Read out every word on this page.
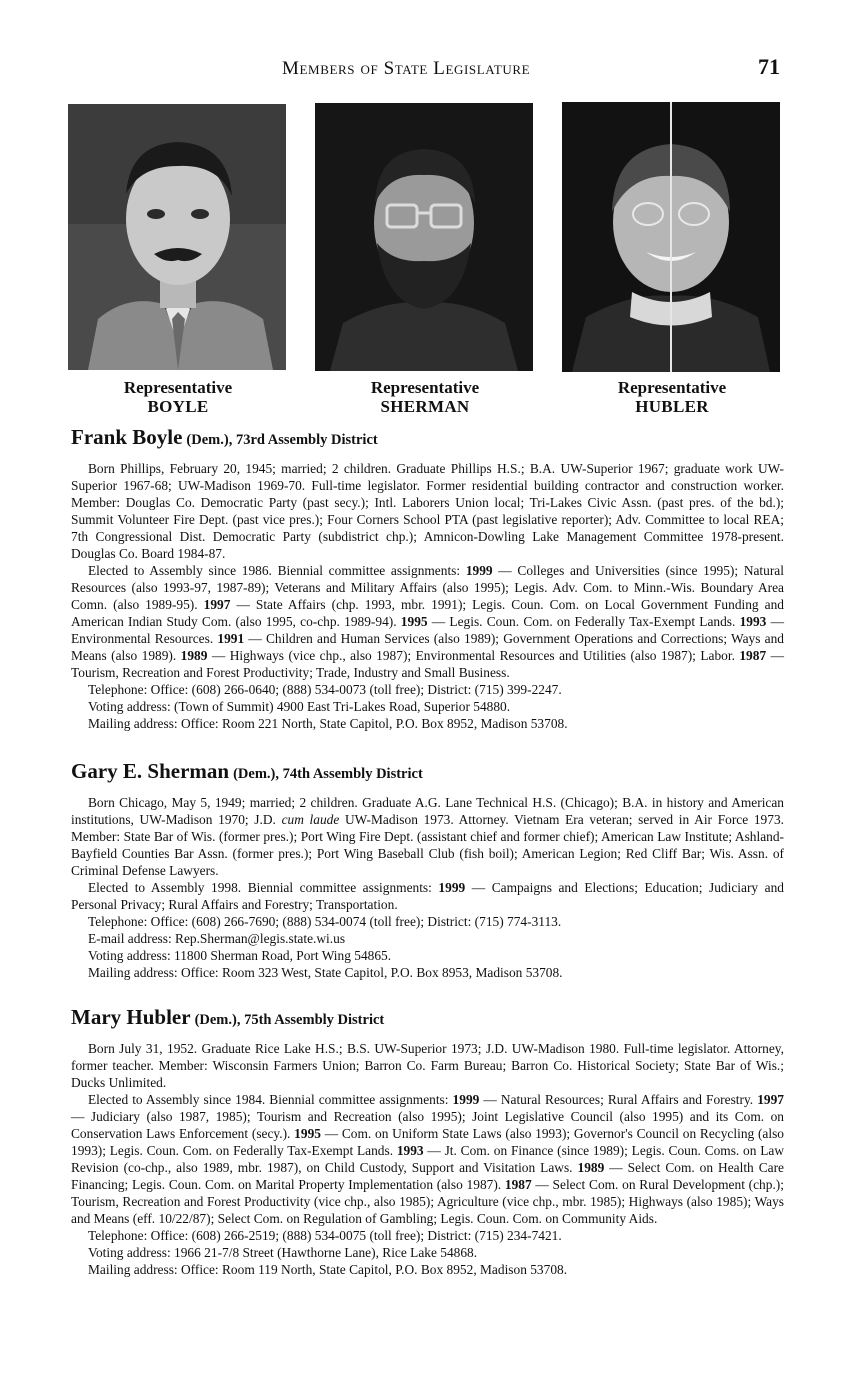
Members of State Legislature	71
Representative
BOYLE
Representative
SHERMAN
Representative
HUBLER
Frank Boyle (Dem.), 73rd Assembly District

Born Phillips, February 20, 1945; married; 2 children. Graduate Phillips H.S.; B.A. UW-Superior 1967; graduate work UW-Superior 1967-68; UW-Madison 1969-70. Full-time legislator. Former residential building contractor and construction worker. Member: Douglas Co. Democratic Party (past secy.); Intl. Laborers Union local; Tri-Lakes Civic Assn. (past pres. of the bd.); Summit Volunteer Fire Dept. (past vice pres.); Four Corners School PTA (past legislative reporter); Adv. Committee to local REA; 7th Congressional Dist. Democratic Party (subdistrict chp.); Amnicon-Dowling Lake Management Committee 1978-present. Douglas Co. Board 1984-87.

Elected to Assembly since 1986. Biennial committee assignments: 1999 — Colleges and Universities (since 1995); Natural Resources (also 1993-97, 1987-89); Veterans and Military Affairs (also 1995); Legis. Adv. Com. to Minn.-Wis. Boundary Area Comn. (also 1989-95). 1997 — State Affairs (chp. 1993, mbr. 1991); Legis. Coun. Com. on Local Government Funding and American Indian Study Com. (also 1995, co-chp. 1989-94). 1995 — Legis. Coun. Com. on Federally Tax-Exempt Lands. 1993 — Environmental Resources. 1991 — Children and Human Services (also 1989); Government Operations and Corrections; Ways and Means (also 1989). 1989 — Highways (vice chp., also 1987); Environmental Resources and Utilities (also 1987); Labor. 1987 — Tourism, Recreation and Forest Productivity; Trade, Industry and Small Business.

Telephone: Office: (608) 266-0640; (888) 534-0073 (toll free); District: (715) 399-2247.

Voting address: (Town of Summit) 4900 East Tri-Lakes Road, Superior 54880.

Mailing address: Office: Room 221 North, State Capitol, P.O. Box 8952, Madison 53708.

Gary E. Sherman (Dem.), 74th Assembly District

Born Chicago, May 5, 1949; married; 2 children. Graduate A.G. Lane Technical H.S. (Chicago); B.A. in history and American institutions, UW-Madison 1970; J.D. cum laude UW-Madison 1973. Attorney. Vietnam Era veteran; served in Air Force 1973. Member: State Bar of Wis. (former pres.); Port Wing Fire Dept. (assistant chief and former chief); American Law Institute; Ashland-Bayfield Counties Bar Assn. (former pres.); Port Wing Baseball Club (fish boil); American Legion; Red Cliff Bar; Wis. Assn. of Criminal Defense Lawyers.

Elected to Assembly 1998. Biennial committee assignments: 1999 — Campaigns and Elections; Education; Judiciary and Personal Privacy; Rural Affairs and Forestry; Transportation.

Telephone: Office: (608) 266-7690; (888) 534-0074 (toll free); District: (715) 774-3113.

E-mail address: Rep.Sherman@legis.state.wi.us

Voting address: 11800 Sherman Road, Port Wing 54865.

Mailing address: Office: Room 323 West, State Capitol, P.O. Box 8953, Madison 53708.

Mary Hubler (Dem.), 75th Assembly District

Born July 31, 1952. Graduate Rice Lake H.S.; B.S. UW-Superior 1973; J.D. UW-Madison 1980. Full-time legislator. Attorney, former teacher. Member: Wisconsin Farmers Union; Barron Co. Farm Bureau; Barron Co. Historical Society; State Bar of Wis.; Ducks Unlimited.

Elected to Assembly since 1984. Biennial committee assignments: 1999 — Natural Resources; Rural Affairs and Forestry. 1997 — Judiciary (also 1987, 1985); Tourism and Recreation (also 1995); Joint Legislative Council (also 1995) and its Com. on Conservation Laws Enforcement (secy.). 1995 — Com. on Uniform State Laws (also 1993); Governor's Council on Recycling (also 1993); Legis. Coun. Com. on Federally Tax-Exempt Lands. 1993 — Jt. Com. on Finance (since 1989); Legis. Coun. Coms. on Law Revision (co-chp., also 1989, mbr. 1987), on Child Custody, Support and Visitation Laws. 1989 — Select Com. on Health Care Financing; Legis. Coun. Com. on Marital Property Implementation (also 1987). 1987 — Select Com. on Rural Development (chp.); Tourism, Recreation and Forest Productivity (vice chp., also 1985); Agriculture (vice chp., mbr. 1985); Highways (also 1985); Ways and Means (eff. 10/22/87); Select Com. on Regulation of Gambling; Legis. Coun. Com. on Community Aids.

Telephone: Office: (608) 266-2519; (888) 534-0075 (toll free); District: (715) 234-7421.

Voting address: 1966 21-7/8 Street (Hawthorne Lane), Rice Lake 54868.

Mailing address: Office: Room 119 North, State Capitol, P.O. Box 8952, Madison 53708.
